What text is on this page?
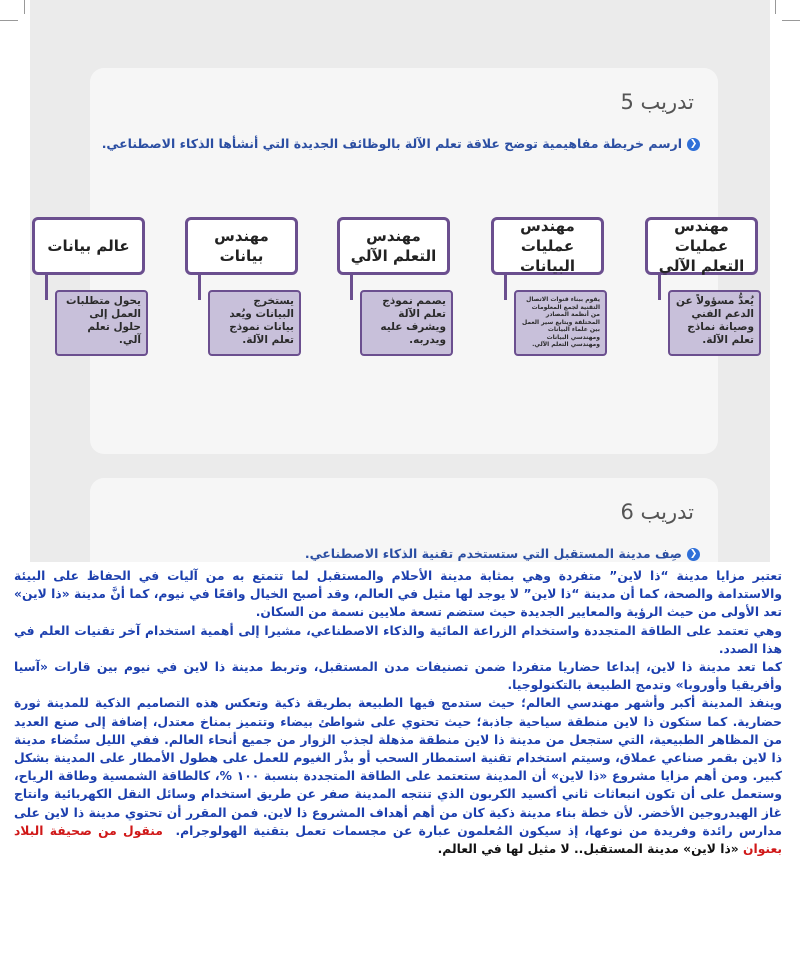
تدريب 5
❮ارسم خريطة مفاهيمية توضح علاقة تعلم الآلة بالوظائف الجديدة التي أنشأها الذكاء الاصطناعي.
مهندس عمليات التعلم الآلي
مهندس عمليات البيانات
مهندس التعلم الآلي
مهندس بيانات
عالم بيانات
يُعدُّ مسؤولاً عن الدعم الفني وصيانة نماذج تعلم الآلة.
يقوم ببناء قنوات الاتصال التقنية لجمع المعلومات من أنظمة المصادر المختلفة ويتابع سير العمل بين علماء البيانات ومهندسي البيانات ومهندسي التعلم الآلي.
يصمم نموذج تعلم الآلة ويشرف عليه ويدربه.
يستخرج البيانات ويُعد بيانات نموذج تعلم الآلة.
يحول متطلبات العمل إلى حلول تعلم آلي.
تدريب 6
❮صِف مدينة المستقبل التي ستستخدم تقنية الذكاء الاصطناعي.

تعتبر مزايا مدينة “ذا لاين” متفردة وهي بمثابة مدينة الأحلام والمستقبل لما تتمتع به من آليات في الحفاظ على البيئة والاستدامة والصحة، كما أن مدينة “ذا لاين” لا يوجد لها مثيل في العالم، وقد أصبح الخيال واقعًا في نيوم، كما أنَّ مدينة «ذا لاين» تعد الأولى من حيث الرؤية والمعايير الجديدة حيث ستضم تسعة ملايين نسمة من السكان.

وهي تعتمد على الطاقة المتجددة واستخدام الزراعة المائية والذكاء الاصطناعي، مشيرا إلى أهمية استخدام آخر تقنيات العلم في هذا الصدد.

كما تعد مدينة ذا لاين، إبداعا حضاريا متفردا ضمن تصنيفات مدن المستقبل، وتربط مدينة ذا لاين في نيوم بين قارات «آسيا وأفريقيا وأوروبا» وتدمج الطبيعة بالتكنولوجيا.

وينفذ المدينة أكبر وأشهر مهندسي العالم؛ حيث ستدمج فيها الطبيعة بطريقة ذكية وتعكس هذه التصاميم الذكية للمدينة ثورة حضارية. كما ستكون ذا لاين منطقة سياحية جاذبة؛ حيث تحتوي على شواطئ بيضاء وتتميز بمناخ معتدل، إضافة إلى صنع العديد من المظاهر الطبيعية، التي ستجعل من مدينة ذا لاين منطقة مذهلة لجذب الزوار من جميع أنحاء العالم. ففي الليل ستُضاء مدينة ذا لاين بقمر صناعي عملاق، وسيتم استخدام تقنية استمطار السحب أو بذْر الغيوم للعمل على هطول الأمطار على المدينة بشكل كبير. ومن أهم مزايا مشروع «ذا لاين» أن المدينة ستعتمد على الطاقة المتجددة بنسبة ١٠٠ %، كالطاقة الشمسية وطاقة الرياح، وستعمل على أن تكون انبعاثات ثاني أكسيد الكربون الذي تنتجه المدينة صفر عن طريق استخدام وسائل النقل الكهربائية وانتاج غاز الهيدروجين الأخضر. لأن خطة بناء مدينة ذكية كان من أهم أهداف المشروع ذا لاين. فمن المقرر أن تحتوي مدينة ذا لاين على مدارس رائدة وفريدة من نوعها، إذ سيكون المُعلمون عبارة عن مجسمات تعمل بتقنية الهولوجرام.  منقول من صحيفة البلاد بعنوان «ذا لاين» مدينة المستقبل.. لا مثيل لها في العالم.
